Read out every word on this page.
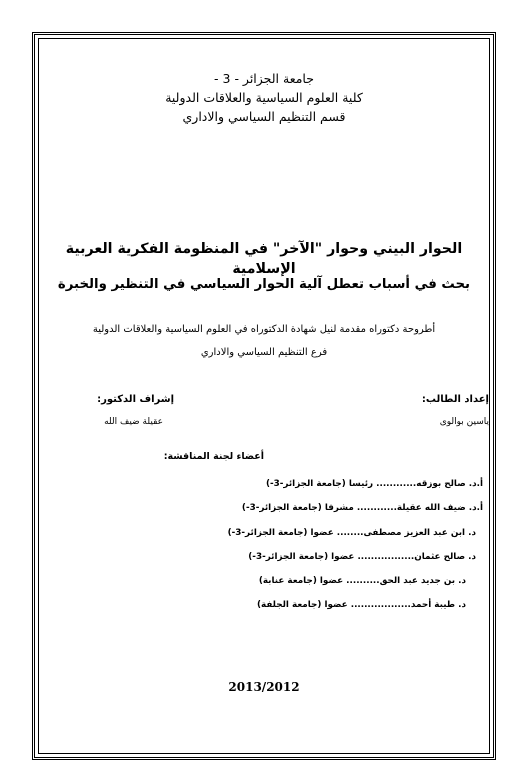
جامعة الجزائر - 3 -
كلية العلوم السياسية والعلاقات الدولية
قسم التنظيم السياسي والاداري
الحوار البيني وحوار "الآخر" في المنظومة الفكرية العربية الإسلامية
بحث في أسباب تعطل آلية الحوار السياسي في التنظير والخبرة
أطروحة دكتوراه مقدمة لنيل شهادة الدكتوراه في العلوم السياسية والعلاقات الدولية
فرع التنظيم السياسي والاداري
إعداد الطالب:
إشراف الدكتور:
ياسين بوالوى
عقيلة ضيف الله
أعضاء لجنة المناقشة:
أ.د. صالح بوزقه............ رئيسا (جامعة الجزائر-3-)
أ.د. ضيف الله عقيلة............ مشرفا (جامعة الجزائر-3-)
د. ابن عبد العزيز مصطفى........ عضوا (جامعة الجزائر-3-)
د. صالح عثمان................. عضوا (جامعة الجزائر-3-)
د. بن جديد عبد الحق.......... عضوا (جامعة عنابة)
د. طيبة أحمد.................. عضوا (جامعة الجلفة)
2013/2012
